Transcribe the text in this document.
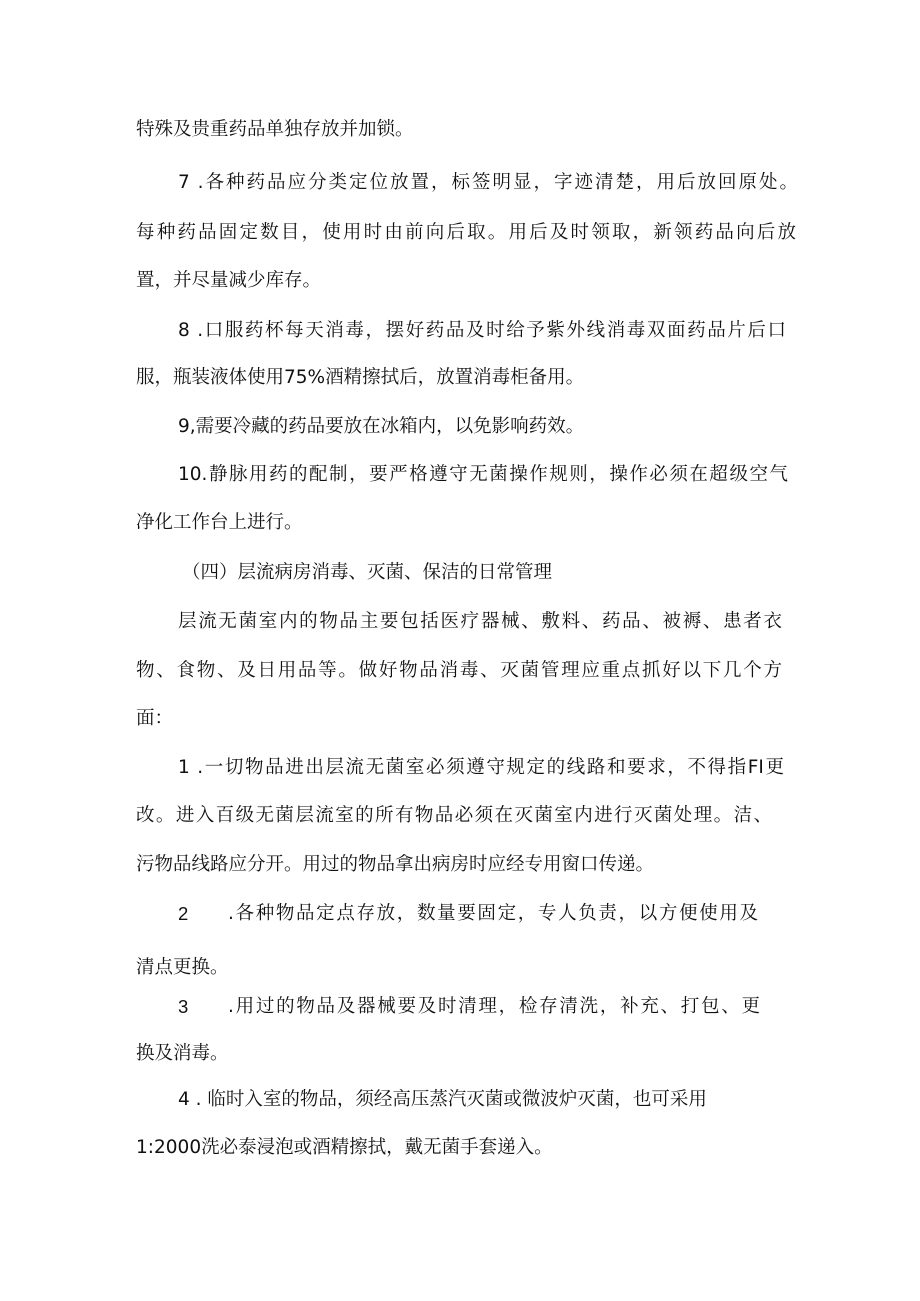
特殊及贵重药品单独存放并加锁。

7 .各种药品应分类定位放置，标签明显，字迹清楚，用后放回原处。

每种药品固定数目，使用时由前向后取。用后及时领取，新领药品向后放

置，并尽量减少库存。

8 .口服药杯每天消毒，摆好药品及时给予紫外线消毒双面药品片后口

服，瓶装液体使用75%酒精擦拭后，放置消毒柜备用。

9,需要冷藏的药品要放在冰箱内，以免影响药效。

10.静脉用药的配制，要严格遵守无菌操作规则，操作必须在超级空气

净化工作台上进行。

（四）层流病房消毒、灭菌、保洁的日常管理

层流无菌室内的物品主要包括医疗器械、敷料、药品、被褥、患者衣

物、食物、及日用品等。做好物品消毒、灭菌管理应重点抓好以下几个方

面：

1 .一切物品进出层流无菌室必须遵守规定的线路和要求，不得指FI更

改。进入百级无菌层流室的所有物品必须在灭菌室内进行灭菌处理。洁、

污物品线路应分开。用过的物品拿出病房时应经专用窗口传递。

2	.各种物品定点存放，数量要固定，专人负责，以方便使用及

清点更换。

3	.用过的物品及器械要及时清理，检存清洗，补充、打包、更

换及消毒。

4 . 临时入室的物品，须经高压蒸汽灭菌或微波炉灭菌，也可采用

1:2000洗必泰浸泡或酒精擦拭，戴无菌手套递入。
